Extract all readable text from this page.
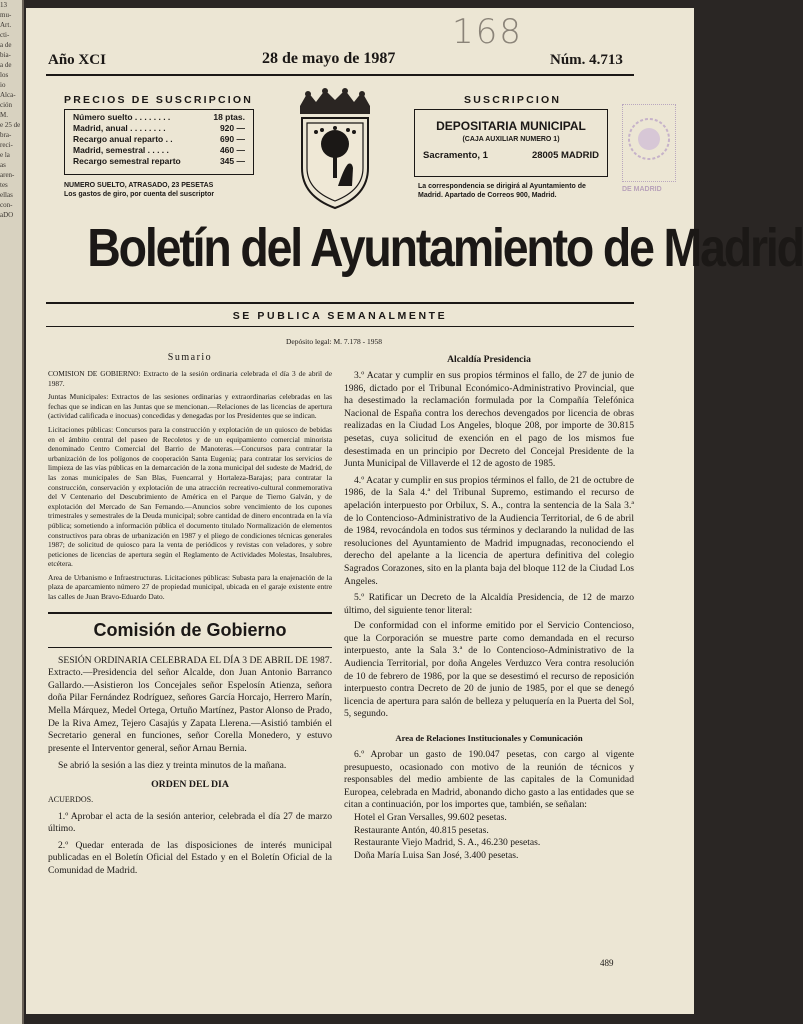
13
mu-
Art.
cti-
a de
bia-
a de
los
io
Alca-
ción
M.
e 25 de
bra-
reci-
e la
as
aren-
tes
ellas
con-
aDO
168
Año XCI	28 de mayo de 1987	Núm. 4.713
PRECIOS DE SUSCRIPCION
Número suelto . . . . . . . .	18 ptas.
Madrid, anual . . . . . . . .	920 —
Recargo anual reparto . .	690 —
Madrid, semestral . . . . .	460 —
Recargo semestral reparto	345 —
NUMERO SUELTO, ATRASADO, 23 PESETAS
Los gastos de giro, por cuenta del suscriptor
SUSCRIPCION
DEPOSITARIA MUNICIPAL
(CAJA AUXILIAR NUMERO 1)
Sacramento, 1	28005 MADRID
La correspondencia se dirigirá al Ayuntamiento de Madrid. Apartado de Correos 900, Madrid.
DE MADRID
Boletín del Ayuntamiento de Madrid
SE PUBLICA SEMANALMENTE
Depósito legal: M. 7.178 - 1958
Sumario

COMISION DE GOBIERNO: Extracto de la sesión ordinaria celebrada el día 3 de abril de 1987.

Juntas Municipales: Extractos de las sesiones ordinarias y extraordinarias celebradas en las fechas que se indican en las Juntas que se mencionan.—Relaciones de las licencias de apertura (actividad calificada e inocuas) concedidas y denegadas por los Presidentes que se indican.

Licitaciones públicas: Concursos para la construcción y explotación de un quiosco de bebidas en el ámbito central del paseo de Recoletos y de un equipamiento comercial minorista denominado Centro Comercial del Barrio de Manoteras.—Concursos para contratar la urbanización de los polígonos de cooperación Santa Eugenia; para contratar los servicios de limpieza de las vías públicas en la demarcación de la zona municipal del sudeste de Madrid, de las zonas municipales de San Blas, Fuencarral y Hortaleza-Barajas; para contratar la construcción, conservación y explotación de una atracción recreativo-cultural conmemorativa del V Centenario del Descubrimiento de América en el Parque de Tierno Galván, y de explotación del Mercado de San Fernando.—Anuncios sobre vencimiento de los cupones trimestrales y semestrales de la Deuda municipal; sobre cantidad de dinero encontrada en la vía pública; sometiendo a información pública el documento titulado Normalización de elementos constructivos para obras de urbanización en 1987 y el pliego de condiciones técnicas generales 1987; de solicitud de quiosco para la venta de periódicos y revistas con veladores, y sobre peticiones de licencias de apertura según el Reglamento de Actividades Molestas, Insalubres, etcétera.

Area de Urbanismo e Infraestructuras. Licitaciones públicas: Subasta para la enajenación de la plaza de aparcamiento número 27 de propiedad municipal, ubicada en el garaje existente entre las calles de Juan Bravo-Eduardo Dato.

Comisión de Gobierno

SESIÓN ORDINARIA CELEBRADA EL DÍA 3 DE ABRIL DE 1987. Extracto.—Presidencia del señor Alcalde, don Juan Antonio Barranco Gallardo.—Asistieron los Concejales señor Espelosín Atienza, señora doña Pilar Fernández Rodríguez, señores García Horcajo, Herrero Marín, Mella Márquez, Medel Ortega, Ortuño Martínez, Pastor Alonso de Prado, De la Riva Amez, Tejero Casajús y Zapata Llerena.—Asistió también el Secretario general en funciones, señor Corella Monedero, y estuvo presente el Interventor general, señor Arnau Bernia.

Se abrió la sesión a las diez y treinta minutos de la mañana.

ORDEN DEL DIA
ACUERDOS.

1.º Aprobar el acta de la sesión anterior, celebrada el día 27 de marzo último.

2.º Quedar enterada de las disposiciones de interés municipal publicadas en el Boletín Oficial del Estado y en el Boletín Oficial de la Comunidad de Madrid.

Alcaldía Presidencia

3.º Acatar y cumplir en sus propios términos el fallo, de 27 de junio de 1986, dictado por el Tribunal Económico-Administrativo Provincial, que ha desestimado la reclamación formulada por la Compañía Telefónica Nacional de España contra los derechos devengados por licencia de obras realizadas en la Ciudad Los Angeles, bloque 208, por importe de 30.815 pesetas, cuya solicitud de exención en el pago de los mismos fue desestimada en un principio por Decreto del Concejal Presidente de la Junta Municipal de Villaverde el 12 de agosto de 1985.

4.º Acatar y cumplir en sus propios términos el fallo, de 21 de octubre de 1986, de la Sala 4.ª del Tribunal Supremo, estimando el recurso de apelación interpuesto por Orbilux, S. A., contra la sentencia de la Sala 3.ª de lo Contencioso-Administrativo de la Audiencia Territorial, de 6 de abril de 1984, revocándola en todos sus términos y declarando la nulidad de las resoluciones del Ayuntamiento de Madrid impugnadas, reconociendo el derecho del apelante a la licencia de apertura definitiva del colegio Sagrados Corazones, sito en la planta baja del bloque 112 de la Ciudad Los Angeles.

5.º Ratificar un Decreto de la Alcaldía Presidencia, de 12 de marzo último, del siguiente tenor literal:

De conformidad con el informe emitido por el Servicio Contencioso, que la Corporación se muestre parte como demandada en el recurso interpuesto, ante la Sala 3.ª de lo Contencioso-Administrativo de la Audiencia Territorial, por doña Angeles Verduzco Vera contra resolución de 10 de febrero de 1986, por la que se desestimó el recurso de reposición interpuesto contra Decreto de 20 de junio de 1985, por el que se denegó licencia de apertura para salón de belleza y peluquería en la Puerta del Sol, 5, segundo.

Area de Relaciones Institucionales y Comunicación

6.º Aprobar un gasto de 190.047 pesetas, con cargo al vigente presupuesto, ocasionado con motivo de la reunión de técnicos y responsables del medio ambiente de las capitales de la Comunidad Europea, celebrada en Madrid, abonando dicho gasto a las entidades que se citan a continuación, por los importes que, también, se señalan:

Hotel el Gran Versalles, 99.602 pesetas.
Restaurante Antón, 40.815 pesetas.
Restaurante Viejo Madrid, S. A., 46.230 pesetas.
Doña María Luisa San José, 3.400 pesetas.
489
